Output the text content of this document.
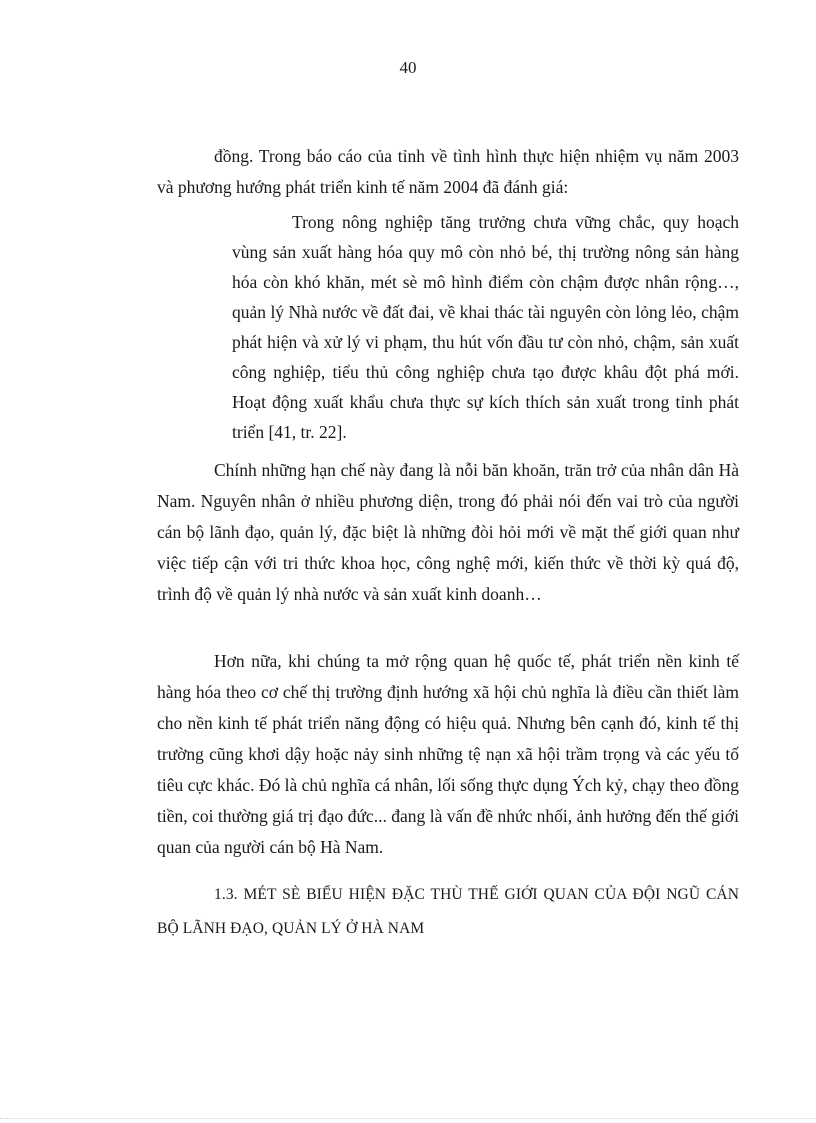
40

đồng. Trong báo cáo của tỉnh về tình hình thực hiện nhiệm vụ năm 2003 và phương hướng phát triển kinh tế năm 2004 đã đánh giá:

Trong nông nghiệp tăng trưởng chưa vững chắc, quy hoạch vùng sản xuất hàng hóa quy mô còn nhỏ bé, thị trường nông sản hàng hóa còn khó khăn, mét sè mô hình điểm còn chậm được nhân rộng…, quản lý Nhà nước về đất đai, về khai thác tài nguyên còn lỏng lẻo, chậm phát hiện và xử lý vi phạm, thu hút vốn đầu tư còn nhỏ, chậm, sản xuất công nghiệp, tiểu thủ công nghiệp chưa tạo được khâu đột phá mới. Hoạt động xuất khẩu chưa thực sự kích thích sản xuất trong tỉnh phát triển [41, tr. 22].

Chính những hạn chế này đang là nỗi băn khoăn, trăn trở của nhân dân Hà Nam. Nguyên nhân ở nhiều phương diện, trong đó phải nói đến vai trò của người cán bộ lãnh đạo, quản lý, đặc biệt là những đòi hỏi mới về mặt thế giới quan như việc tiếp cận với tri thức khoa học, công nghệ mới, kiến thức về thời kỳ quá độ, trình độ về quản lý nhà nước và sản xuất kinh doanh…

Hơn nữa, khi chúng ta mở rộng quan hệ quốc tế, phát triển nền kinh tế hàng hóa theo cơ chế thị trường định hướng xã hội chủ nghĩa là điều cần thiết làm cho nền kinh tế phát triển năng động có hiệu quả. Nhưng bên cạnh đó, kinh tế thị trường cũng khơi dậy hoặc nảy sinh những tệ nạn xã hội trầm trọng và các yếu tố tiêu cực khác. Đó là chủ nghĩa cá nhân, lối sống thực dụng Ých kỷ, chạy theo đồng tiền, coi thường giá trị đạo đức... đang là vấn đề nhức nhối, ảnh hưởng đến thế giới quan của người cán bộ Hà Nam.

1.3. MÉT SÈ BIỂU HIỆN ĐẶC THÙ THẾ GIỚI QUAN CỦA ĐỘI NGŨ CÁN BỘ LÃNH ĐẠO, QUẢN LÝ Ở HÀ NAM
